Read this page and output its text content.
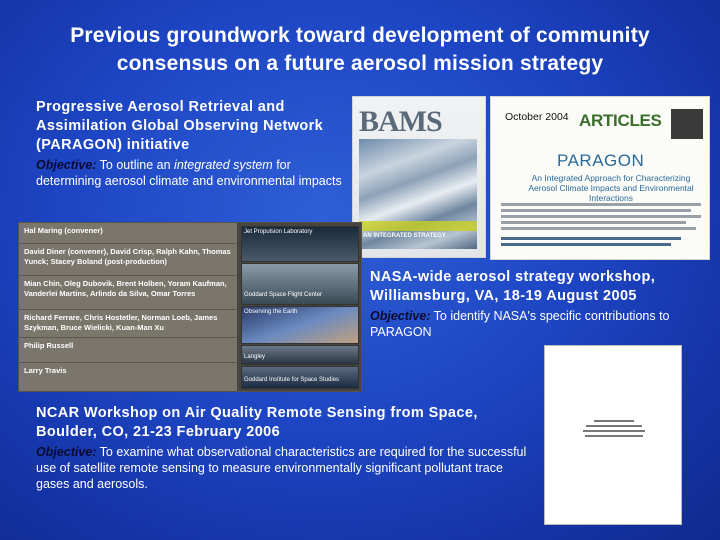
Previous groundwork toward development of community consensus on a future aerosol mission strategy
Progressive Aerosol Retrieval and Assimilation Global Observing Network (PARAGON) initiative
Objective: To outline an integrated system for determining aerosol climate and environmental impacts
BAMS
AN INTEGRATED STRATEGY
October 2004 ARTICLES
PARAGON
An Integrated Approach for Characterizing Aerosol Climate Impacts and Environmental Interactions
Hal Maring (convener)
David Diner (convener), David Crisp, Ralph Kahn, Thomas Yunck; Stacey Boland (post-production)
Mian Chin, Oleg Dubovik, Brent Holben, Yoram Kaufman, Vanderlei Martins, Arlindo da Silva, Omar Torres
Richard Ferrare, Chris Hostetler, Norman Loeb, James Szykman, Bruce Wielicki, Kuan-Man Xu
Philip Russell
Larry Travis
Jet Propulsion Laboratory
Goddard Space Flight Center
Observing the Earth
Langley
Goddard Institute for Space Studies
NASA-wide aerosol strategy workshop, Williamsburg, VA, 18-19 August 2005
Objective: To identify NASA's specific contributions to PARAGON
NCAR Workshop on Air Quality Remote Sensing from Space, Boulder, CO, 21-23 February 2006
Objective: To examine what observational characteristics are required for the successful use of satellite remote sensing to measure environmentally significant pollutant trace gases and aerosols.
